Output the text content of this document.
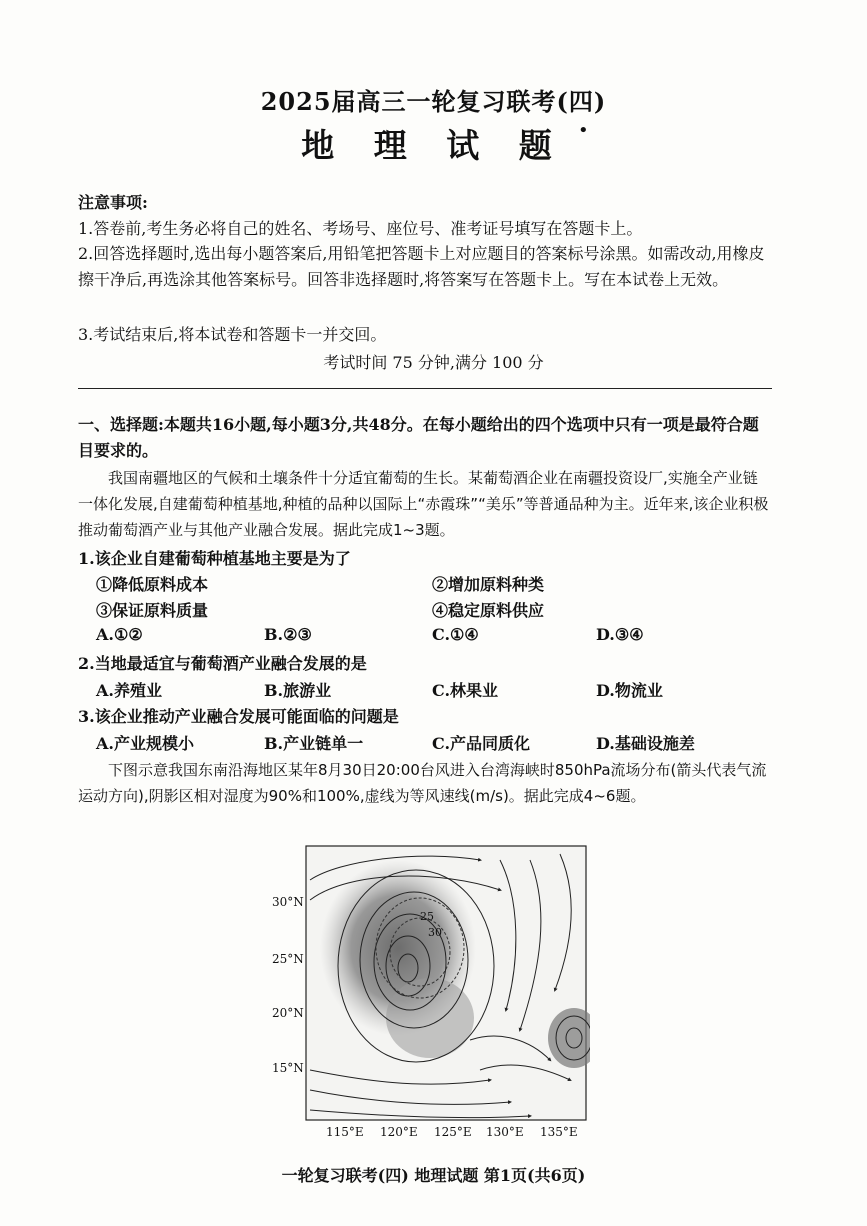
2025届高三一轮复习联考(四)
地 理 试 题 •
注意事项:
1.答卷前,考生务必将自己的姓名、考场号、座位号、准考证号填写在答题卡上。
2.回答选择题时,选出每小题答案后,用铅笔把答题卡上对应题目的答案标号涂黑。如需改动,用橡皮擦干净后,再选涂其他答案标号。回答非选择题时,将答案写在答题卡上。写在本试卷上无效。
3.考试结束后,将本试卷和答题卡一并交回。
考试时间 75 分钟,满分 100 分
一、选择题:本题共16小题,每小题3分,共48分。在每小题给出的四个选项中只有一项是最符合题目要求的。
我国南疆地区的气候和土壤条件十分适宜葡萄的生长。某葡萄酒企业在南疆投资设厂,实施全产业链一体化发展,自建葡萄种植基地,种植的品种以国际上“赤霞珠”“美乐”等普通品种为主。近年来,该企业积极推动葡萄酒产业与其他产业融合发展。据此完成1~3题。
1.该企业自建葡萄种植基地主要是为了
①降低原料成本	②增加原料种类
③保证原料质量	④稳定原料供应
A.①②	B.②③	C.①④	D.③④
2.当地最适宜与葡萄酒产业融合发展的是
A.养殖业	B.旅游业	C.林果业	D.物流业
3.该企业推动产业融合发展可能面临的问题是
A.产业规模小	B.产业链单一	C.产品同质化	D.基础设施差
下图示意我国东南沿海地区某年8月30日20:00台风进入台湾海峡时850hPa流场分布(箭头代表气流运动方向),阴影区相对湿度为90%和100%,虚线为等风速线(m/s)。据此完成4~6题。
25
30
30°N
25°N
20°N
15°N
115°E 120°E 125°E 130°E 135°E
一轮复习联考(四) 地理试题 第1页(共6页)
